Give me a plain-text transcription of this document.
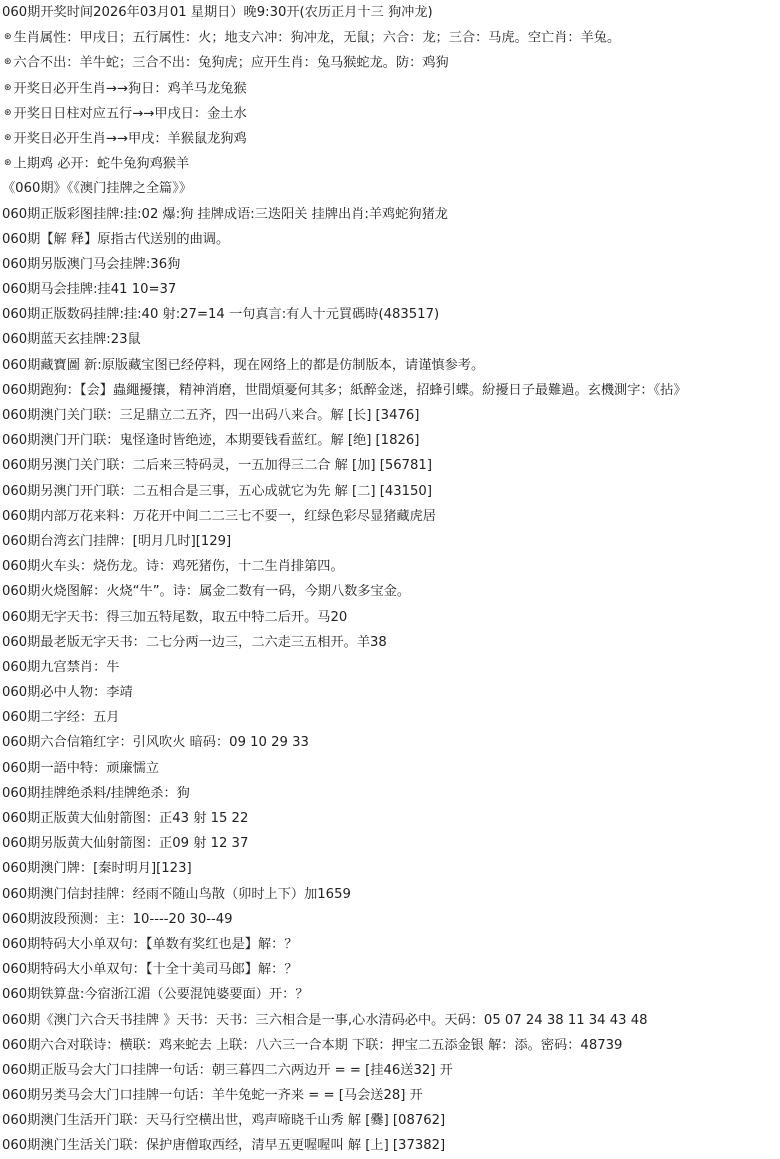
060期开奖时间2026年03月01 星期日）晚9:30开(农历正月十三 狗冲龙)
⊛ 生肖属性：甲戌日；五行属性：火；地支六冲：狗冲龙，无鼠；六合：龙；三合：马虎。空亡肖：羊兔。
⊛ 六合不出：羊牛蛇；三合不出：兔狗虎；应开生肖：兔马猴蛇龙。防：鸡狗
⊛ 开奖日必开生肖→→狗日：鸡羊马龙兔猴
⊛ 开奖日日柱对应五行→→甲戌日：金土水
⊛ 开奖日必开生肖→→甲戌：羊猴鼠龙狗鸡
⊛ 上期鸡 必开：蛇牛兔狗鸡猴羊
《060期》《《澳门挂牌之全篇》》
060期正版彩图挂牌:挂:02 爆:狗 挂牌成语:三迭阳关 挂牌出肖:羊鸡蛇狗猪龙
060期【解 释】原指古代送别的曲调。
060期另版澳门马会挂牌:36狗
060期马会挂牌:挂41 10=37
060期正版数码挂牌:挂:40 射:27=14 一句真言:有人十元買碼時(483517)
060期蓝天玄挂牌:23鼠
060期藏寶圖 新:原版藏宝图已经停料，现在网络上的都是仿制版本，请谨慎参考。
060期跑狗：【会】蟲繩擾攘，精神消磨，世間煩憂何其多；紙醉金迷，招蜂引蝶。紛擾日子最難過。玄機測字：《拈》
060期澳门关门联：三足鼎立二五齐，四一出码八来合。解 [长] [3476]
060期澳门开门联：鬼怪逢时皆绝迹，本期要钱看蓝红。解 [绝] [1826]
060期另澳门关门联：二后来三特码灵，一五加得三二合 解 [加] [56781]
060期另澳门开门联：二五相合是三事，五心成就它为先 解 [二] [43150]
060期内部万花来料：万花开中间二二三七不要一，红绿色彩尽显猪藏虎居
060期台湾玄门挂牌：[明月几时][129]
060期火车头：烧伤龙。诗：鸡死猪伤，十二生肖排第四。
060期火烧图解：火烧“牛”。诗：属金二数有一码，今期八数多宝金。
060期无字天书：得三加五特尾数，取五中特二后开。马20
060期最老版无字天书：二七分两一边三，二六走三五相开。羊38
060期九宫禁肖：牛
060期必中人物：李靖
060期二字经：五月
060期六合信箱红字：引风吹火 暗码：09 10 29 33
060期一語中特：顽廉懦立
060期挂牌绝杀料/挂牌绝杀：狗
060期正版黄大仙射箭图：正43 射 15 22
060期另版黄大仙射箭图：正09 射 12 37
060期澳门牌：[秦时明月][123]
060期澳门信封挂牌：经雨不随山鸟散（卯时上下）加1659
060期波段预测：主：10----20 30--49
060期特码大小单双句：【单数有奖红也是】解：？
060期特码大小单双句：【十全十美司马郎】解：？
060期铁算盘:今宿浙江湄（公要混饨婆要面）开：？
060期《澳门六合天书挂牌 》天书：天书：三六相合是一事,心水清码必中。天码：05 07 24 38 11 34 43 48
060期六合对联诗：横联：鸡来蛇去 上联：八六三一合本期 下联：押宝二五添金银 解：添。密码：48739
060期正版马会大门口挂牌一句话：朝三暮四二六两边开 = = [挂46送32] 开
060期另类马会大门口挂牌一句话：羊牛兔蛇一齐来 = = [马会送28] 开
060期澳门生活开门联：天马行空横出世，鸡声啼晓千山秀 解 [爨] [08762]
060期澳门生活关门联：保护唐僧取西经，清早五更喔喔叫 解 [上] [37382]
